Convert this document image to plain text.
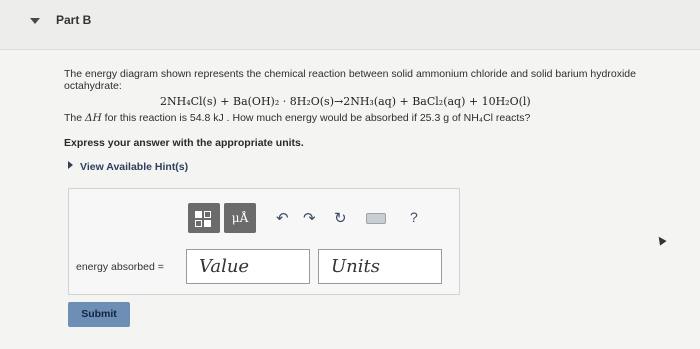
Part B
The energy diagram shown represents the chemical reaction between solid ammonium chloride and solid barium hydroxide octahydrate:
2NH₄Cl(s) + Ba(OH)₂ · 8H₂O(s)→2NH₃(aq) + BaCl₂(aq) + 10H₂O(l)
The ΔH for this reaction is 54.8 kJ . How much energy would be absorbed if 25.3 g of NH₄Cl reacts?
Express your answer with the appropriate units.
View Available Hint(s)
μÅ	↶ ↷ ↻	?
energy absorbed =	Value	Units
Submit
